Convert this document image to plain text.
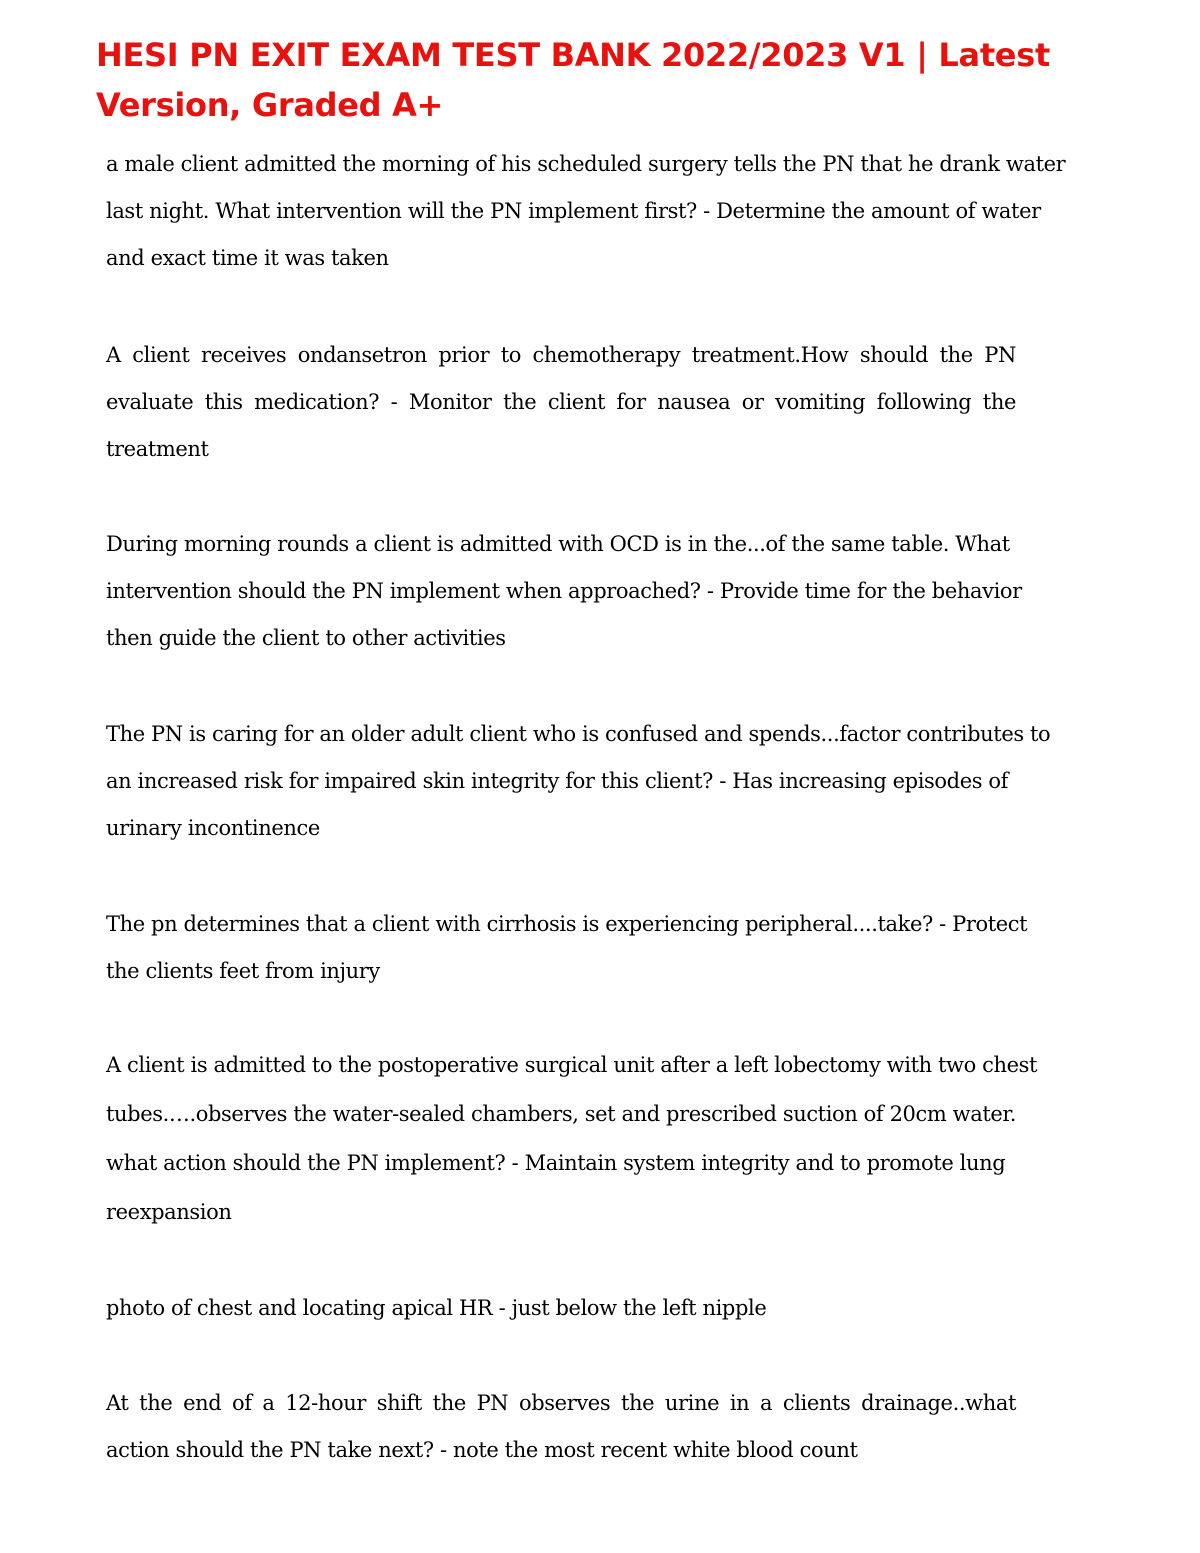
HESI PN EXIT EXAM TEST BANK 2022/2023 V1 | Latest Version, Graded A+

a male client admitted the morning of his scheduled surgery tells the PN that he drank water last night. What intervention will the PN implement first? - Determine the amount of water and exact time it was taken

A client receives ondansetron prior to chemotherapy treatment.How should the PN evaluate this medication? - Monitor the client for nausea or vomiting following the treatment

During morning rounds a client is admitted with OCD is in the...of the same table. What intervention should the PN implement when approached? - Provide time for the behavior then guide the client to other activities

The PN is caring for an older adult client who is confused and spends...factor contributes to an increased risk for impaired skin integrity for this client? - Has increasing episodes of urinary incontinence

The pn determines that a client with cirrhosis is experiencing peripheral....take? - Protect the clients feet from injury

A client is admitted to the postoperative surgical unit after a left lobectomy with two chest tubes.….observes the water-sealed chambers, set and prescribed suction of 20cm water. what action should the PN implement? - Maintain system integrity and to promote lung reexpansion

photo of chest and locating apical HR - just below the left nipple

At the end of a 12-hour shift the PN observes the urine in a clients drainage..what action should the PN take next? - note the most recent white blood count
